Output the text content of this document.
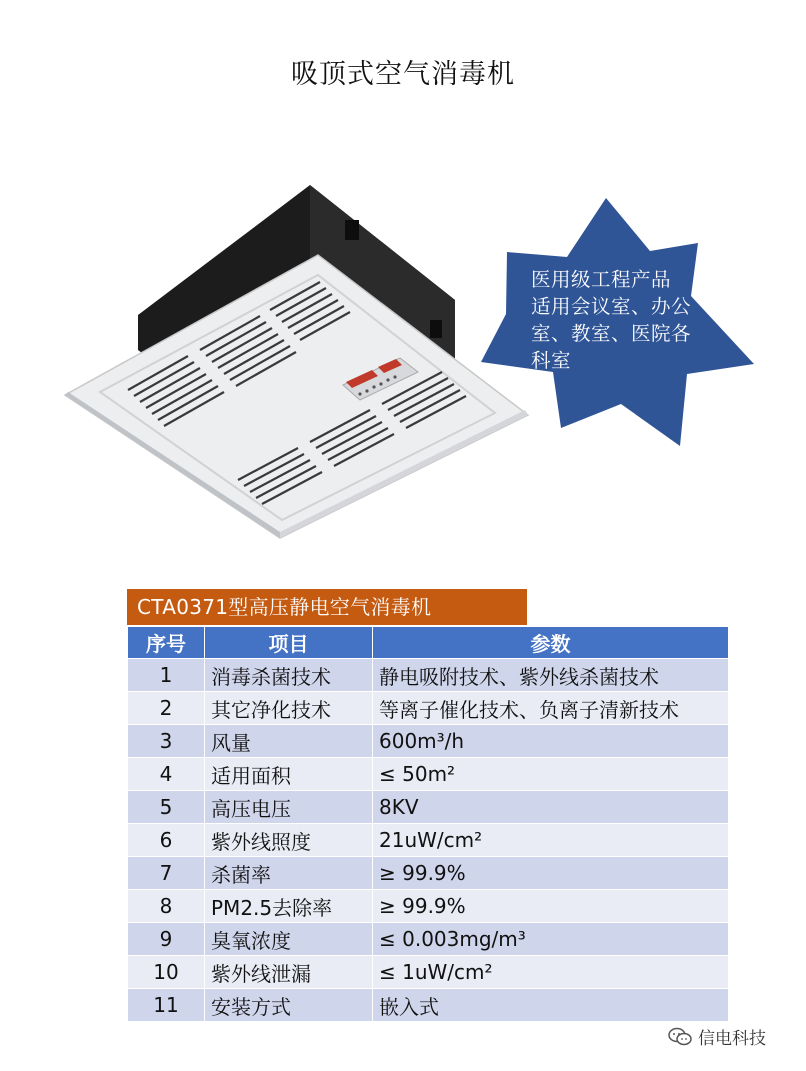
吸顶式空气消毒机
医用级工程产品
适用会议室、办公
室、教室、医院各
科室
CTA0371型高压静电空气消毒机
序号	项目	参数
1	消毒杀菌技术	静电吸附技术、紫外线杀菌技术
2	其它净化技术	等离子催化技术、负离子清新技术
3	风量	600m³/h
4	适用面积	≤ 50m²
5	高压电压	8KV
6	紫外线照度	21uW/cm²
7	杀菌率	≥ 99.9%
8	PM2.5去除率	≥ 99.9%
9	臭氧浓度	≤ 0.003mg/m³
10	紫外线泄漏	≤ 1uW/cm²
11	安装方式	嵌入式
信电科技
